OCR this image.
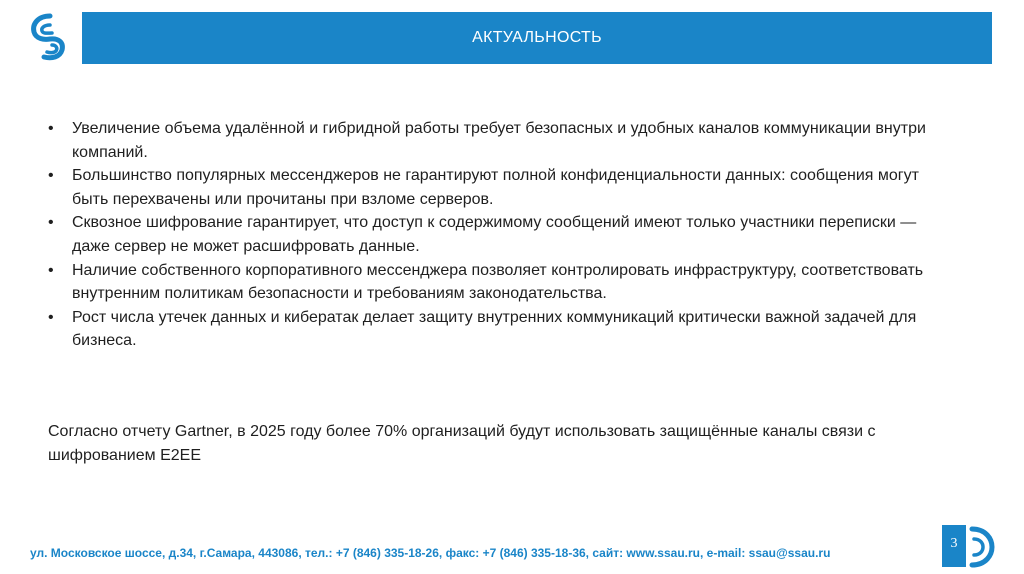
АКТУАЛЬНОСТЬ
• Увеличение объема удалённой и гибридной работы требует безопасных и удобных каналов коммуникации внутри компаний.
• Большинство популярных мессенджеров не гарантируют полной конфиденциальности данных: сообщения могут быть перехвачены или прочитаны при взломе серверов.
• Сквозное шифрование гарантирует, что доступ к содержимому сообщений имеют только участники переписки — даже сервер не может расшифровать данные.
• Наличие собственного корпоративного мессенджера позволяет контролировать инфраструктуру, соответствовать внутренним политикам безопасности и требованиям законодательства.
• Рост числа утечек данных и кибератак делает защиту внутренних коммуникаций критически важной задачей для бизнеса.

Согласно отчету Gartner, в 2025 году более 70% организаций будут использовать защищённые каналы связи с шифрованием E2EE

ул. Московское шоссе, д.34, г.Самара, 443086, тел.: +7 (846) 335-18-26, факс: +7 (846) 335-18-36, сайт: www.ssau.ru, e-mail: ssau@ssau.ru
3
